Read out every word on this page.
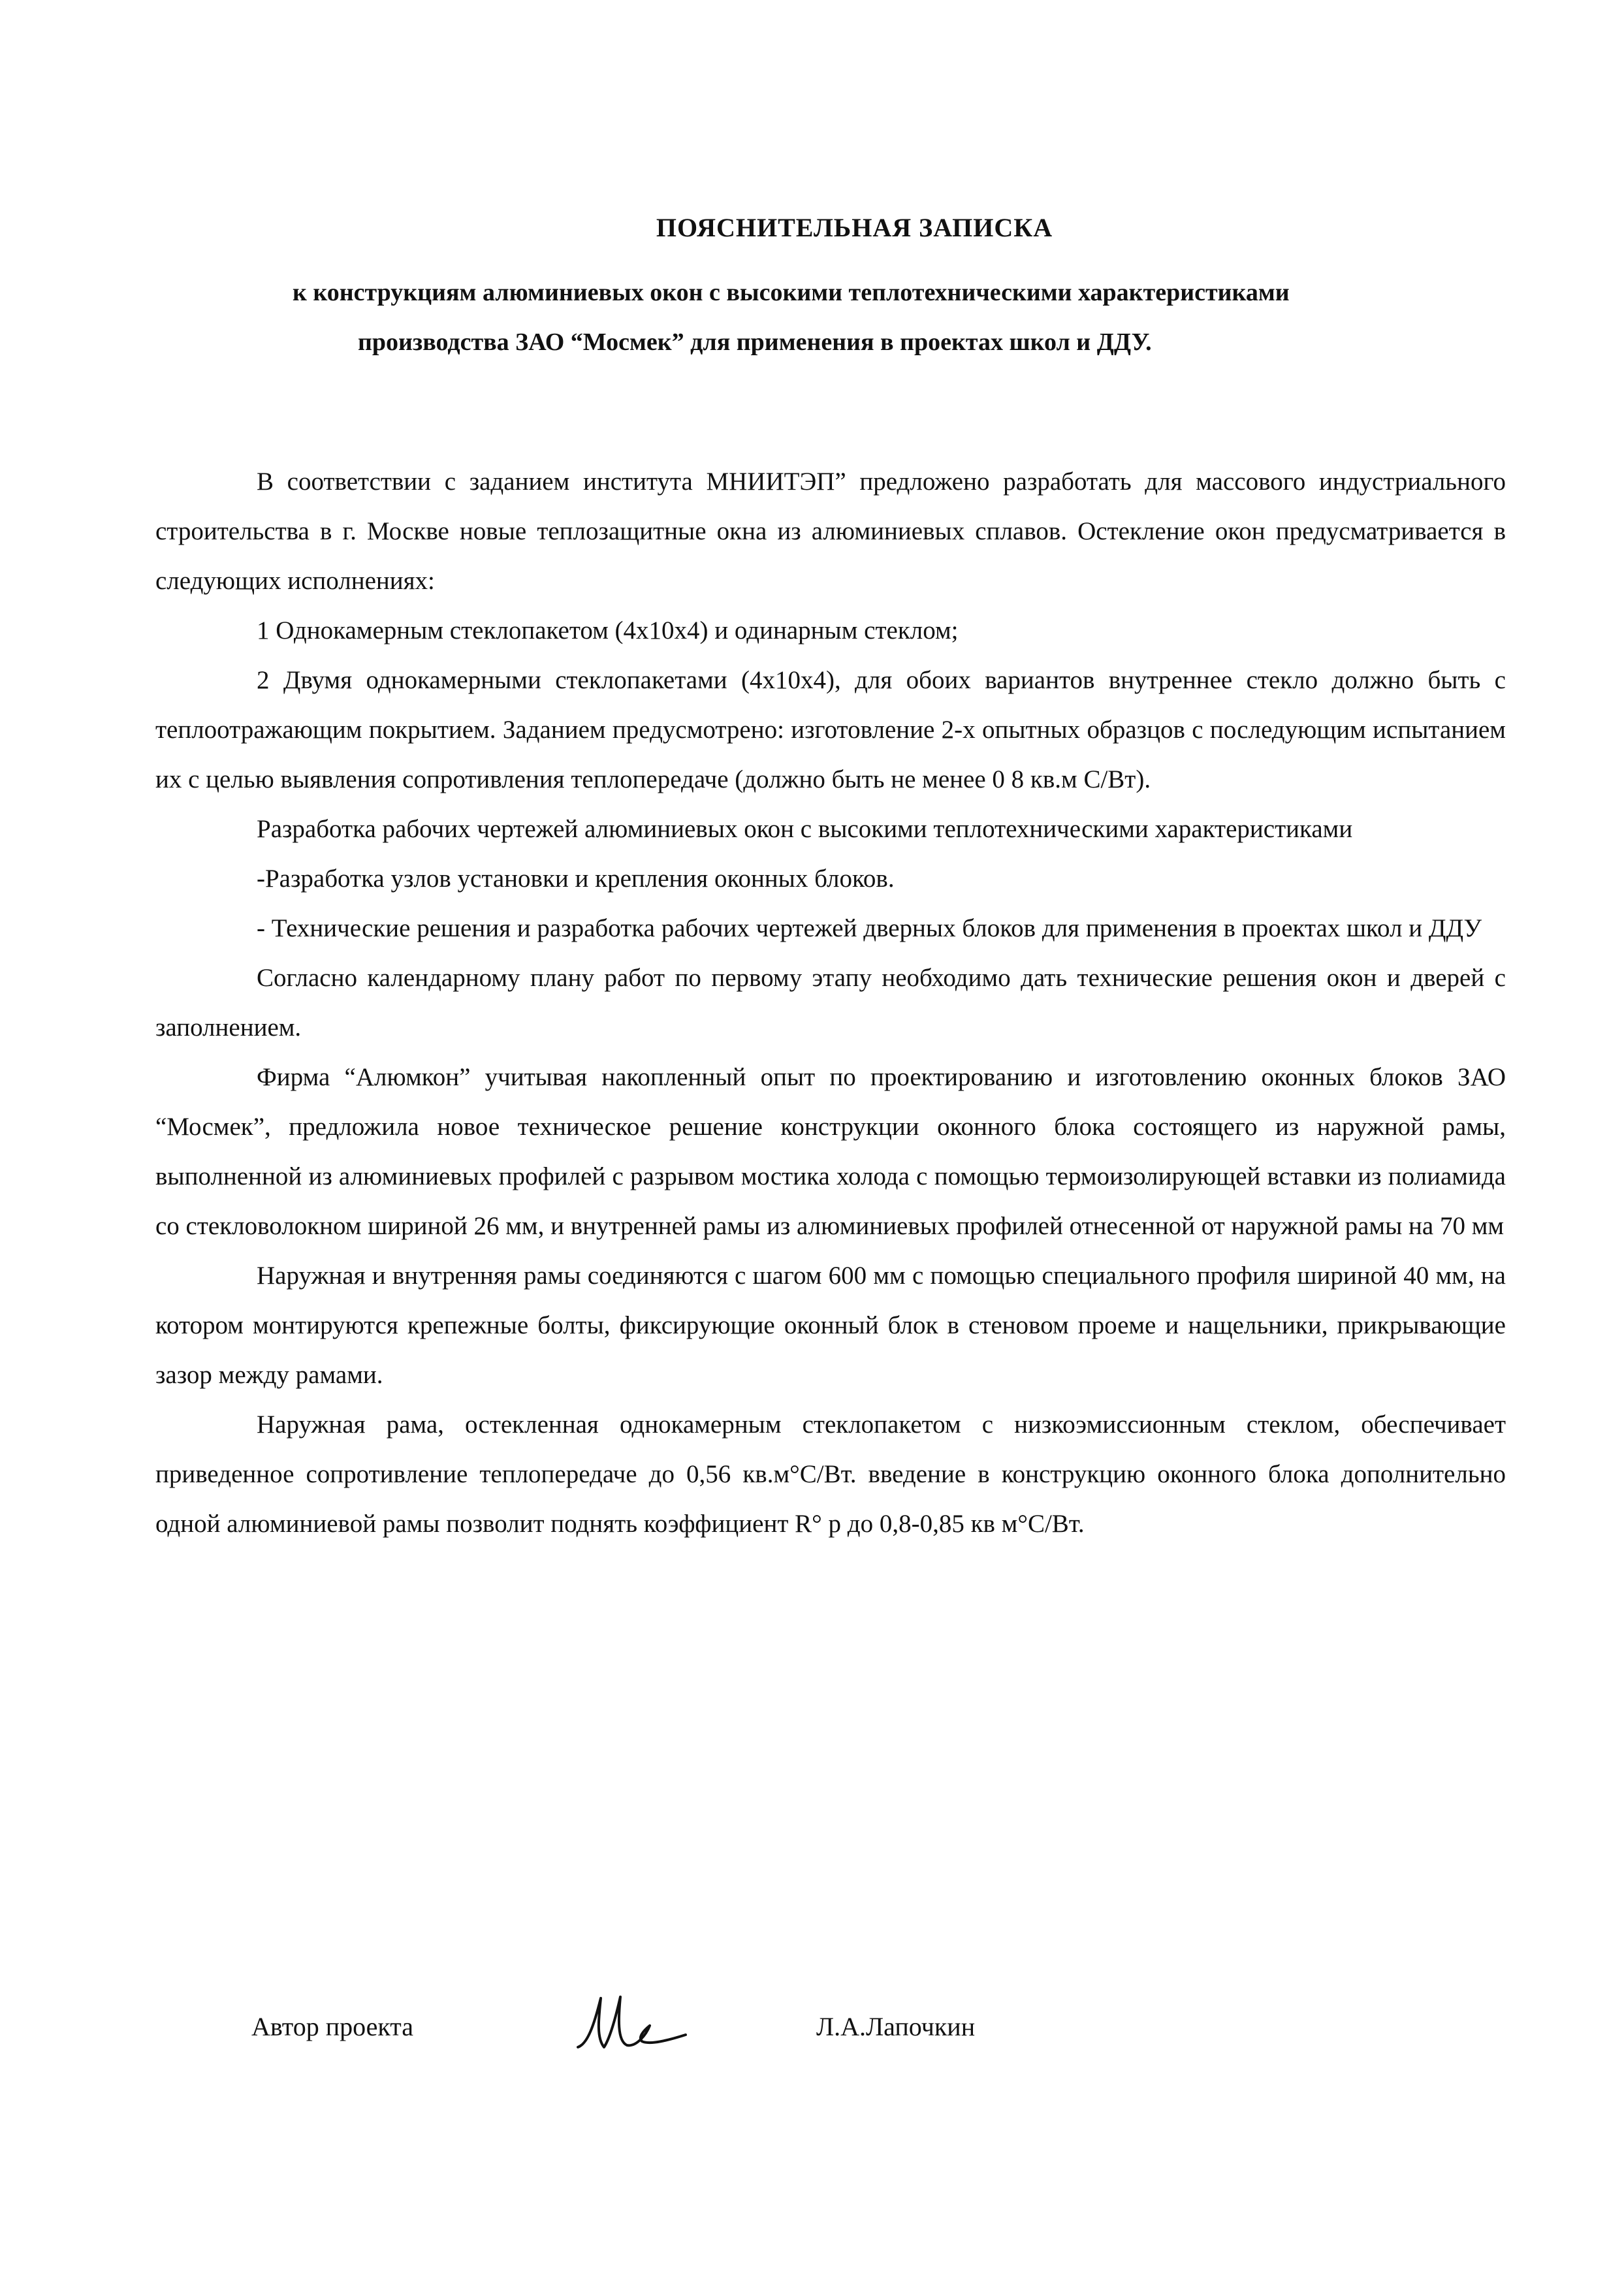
ПОЯСНИТЕЛЬНАЯ ЗАПИСКА
к конструкциям алюминиевых окон с высокими теплотехническими характеристиками
производства ЗАО “Мосмек” для применения в проектах школ и ДДУ.

В соответствии с заданием института МНИИТЭП” предложено разработать для массового индустриального строительства в г. Москве новые теплозащитные окна из алюминиевых сплавов. Остекление окон предусматривается в следующих исполнениях:

1 Однокамерным стеклопакетом (4х10х4) и одинарным стеклом;

2 Двумя однокамерными стеклопакетами (4х10х4), для обоих вариантов внутреннее стекло должно быть с теплоотражающим покрытием. Заданием предусмотрено: изготовление 2-х опытных образцов с последующим испытанием их с целью выявления сопротивления теплопередаче (должно быть не менее 0 8 кв.м С/Вт).

Разработка рабочих чертежей алюминиевых окон с высокими теплотехническими характеристиками

-Разработка узлов установки и крепления оконных блоков.

- Технические решения и разработка рабочих чертежей дверных блоков для применения в проектах школ и ДДУ

Согласно календарному плану работ по первому этапу необходимо дать технические решения окон и дверей с заполнением.

Фирма “Алюмкон” учитывая накопленный опыт по проектированию и изготовлению оконных блоков ЗАО “Мосмек”, предложила новое техническое решение конструкции оконного блока состоящего из наружной рамы, выполненной из алюминиевых профилей с разрывом мостика холода с помощью термоизолирующей вставки из полиамида со стекловолокном шириной 26 мм, и внутренней рамы из алюминиевых профилей отнесенной от наружной рамы на 70 мм

Наружная и внутренняя рамы соединяются с шагом 600 мм с помощью специального профиля шириной 40 мм, на котором монтируются крепежные болты, фиксирующие оконный блок в стеновом проеме и нащельники, прикрывающие зазор между рамами.

Наружная рама, остекленная однокамерным стеклопакетом с низкоэмиссионным стеклом, обеспечивает приведенное сопротивление теплопередаче до 0,56 кв.м°С/Вт. введение в конструкцию оконного блока дополнительно одной алюминиевой рамы позволит поднять коэффициент R° р до 0,8-0,85 кв м°С/Вт.

Автор проекта	Л.А.Лапочкин
